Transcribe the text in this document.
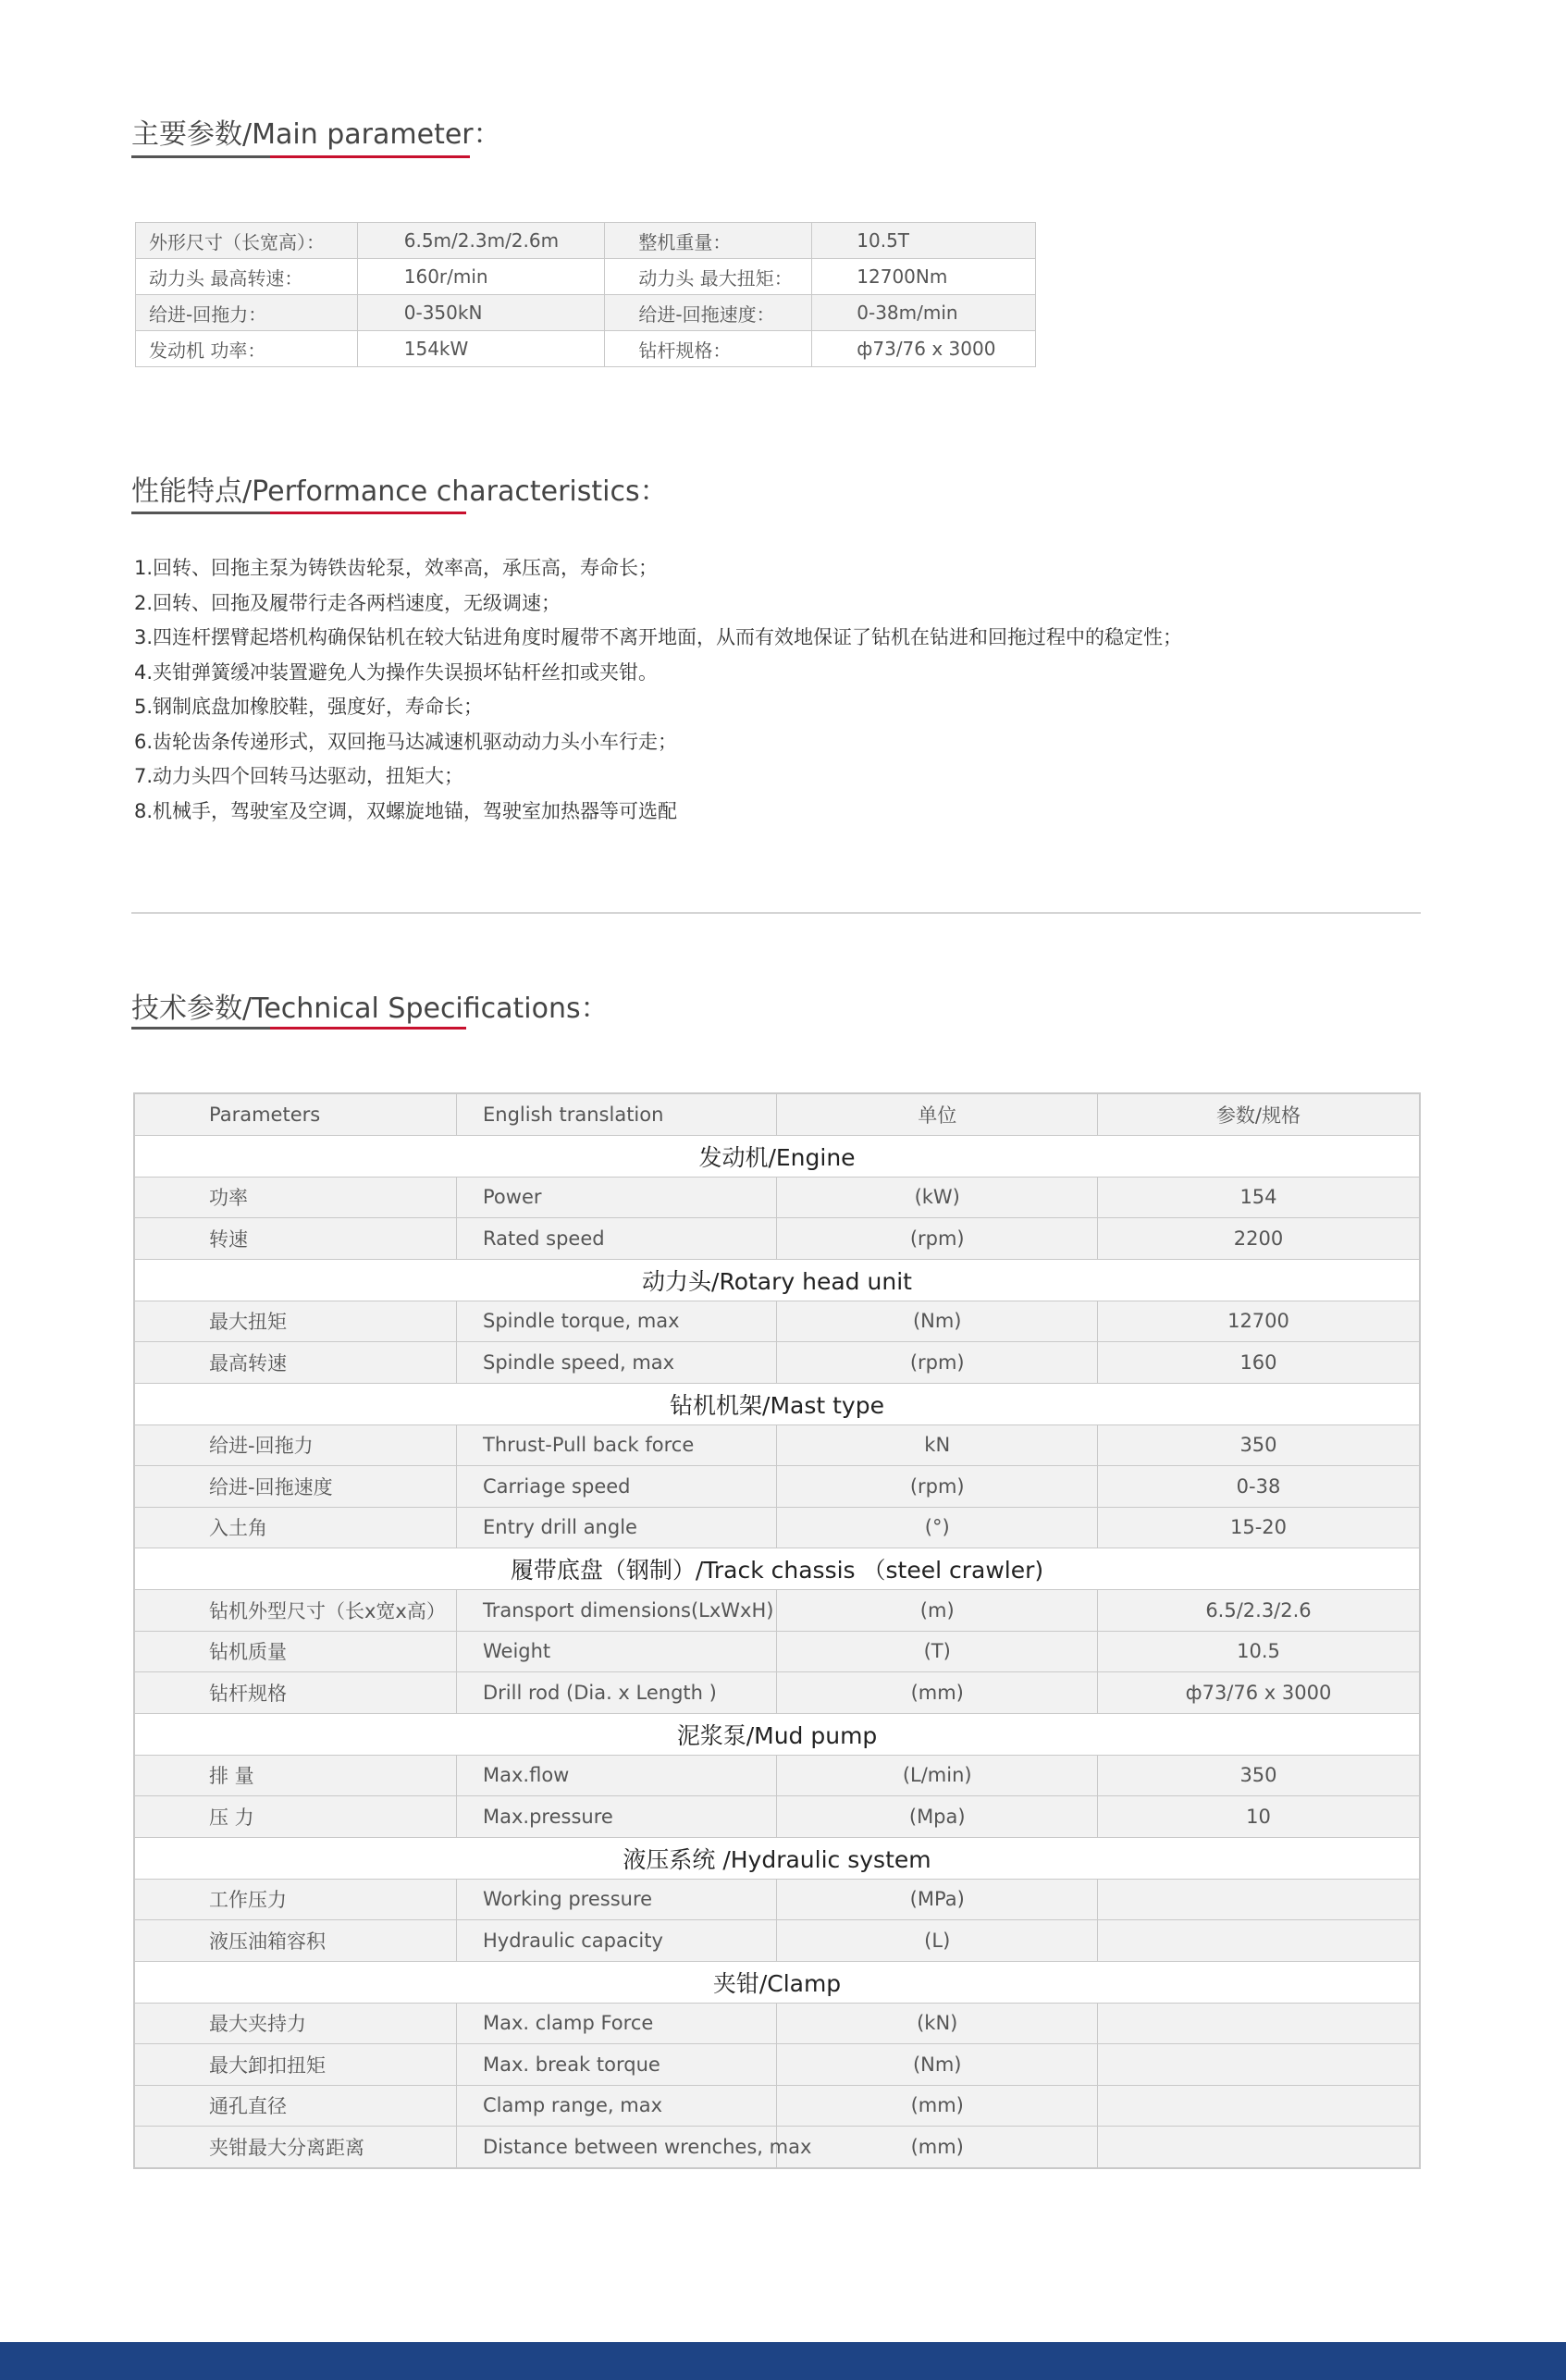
主要参数/Main parameter：
外形尺寸（长宽高）：	6.5m/2.3m/2.6m	整机重量：	10.5T
动力头 最高转速：	160r/min	动力头 最大扭矩：	12700Nm
给进-回拖力：	0-350kN	给进-回拖速度：	0-38m/min
发动机 功率：	154kW	钻杆规格：	ф73/76 x 3000
性能特点/Performance characteristics：
1.回转、回拖主泵为铸铁齿轮泵，效率高，承压高，寿命长；
2.回转、回拖及履带行走各两档速度，无级调速；
3.四连杆摆臂起塔机构确保钻机在较大钻进角度时履带不离开地面，从而有效地保证了钻机在钻进和回拖过程中的稳定性；
4.夹钳弹簧缓冲装置避免人为操作失误损坏钻杆丝扣或夹钳。
5.钢制底盘加橡胶鞋，强度好，寿命长；
6.齿轮齿条传递形式，双回拖马达减速机驱动动力头小车行走；
7.动力头四个回转马达驱动，扭矩大；
8.机械手，驾驶室及空调，双螺旋地锚，驾驶室加热器等可选配
技术参数/Technical Specifications：
Parameters	English translation	单位	参数/规格
发动机/Engine			
功率	Power	(kW)	154
转速	Rated speed	(rpm)	2200
动力头/Rotary head unit			
最大扭矩	Spindle torque, max	(Nm)	12700
最高转速	Spindle speed, max	(rpm)	160
钻机机架/Mast type			
给进-回拖力	Thrust-Pull back force	kN	350
给进-回拖速度	Carriage speed	(rpm)	0-38
入土角	Entry drill angle	(°)	15-20
履带底盘（钢制）/Track chassis （steel crawler)			
钻机外型尺寸（长x宽x高）	Transport dimensions(LxWxH)	(m)	6.5/2.3/2.6
钻机质量	Weight	(T)	10.5
钻杆规格	Drill rod (Dia. x Length )	(mm)	ф73/76 x 3000
泥浆泵/Mud pump			
排 量	Max.flow	(L/min)	350
压 力	Max.pressure	(Mpa)	10
液压系统 /Hydraulic system			
工作压力	Working pressure	(MPa)	
液压油箱容积	Hydraulic capacity	(L)	
夹钳/Clamp			
最大夹持力	Max. clamp Force	(kN)	
最大卸扣扭矩	Max. break torque	(Nm)	
通孔直径	Clamp range, max	(mm)	
夹钳最大分离距离	Distance between wrenches, max	(mm)	
